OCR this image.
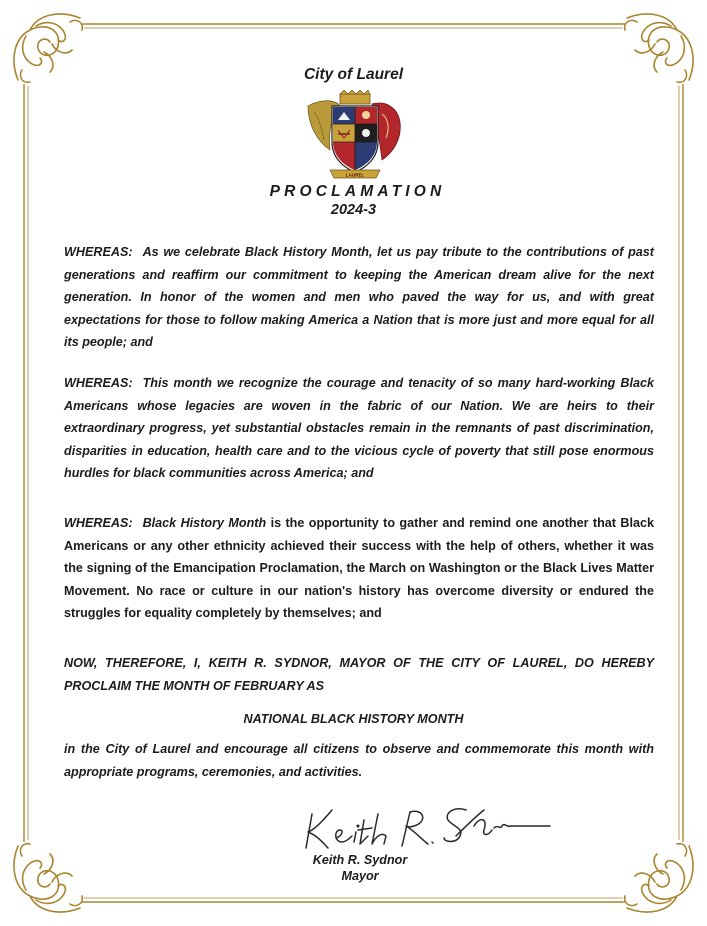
City of Laurel
LAUREL
PROCLAMATION
2024-3

WHEREAS: As we celebrate Black History Month, let us pay tribute to the contributions of past generations and reaffirm our commitment to keeping the American dream alive for the next generation. In honor of the women and men who paved the way for us, and with great expectations for those to follow making America a Nation that is more just and more equal for all its people; and

WHEREAS: This month we recognize the courage and tenacity of so many hard-working Black Americans whose legacies are woven in the fabric of our Nation. We are heirs to their extraordinary progress, yet substantial obstacles remain in the remnants of past discrimination, disparities in education, health care and to the vicious cycle of poverty that still pose enormous hurdles for black communities across America; and

WHEREAS: Black History Month is the opportunity to gather and remind one another that Black Americans or any other ethnicity achieved their success with the help of others, whether it was the signing of the Emancipation Proclamation, the March on Washington or the Black Lives Matter Movement. No race or culture in our nation's history has overcome diversity or endured the struggles for equality completely by themselves; and

NOW, THEREFORE, I, KEITH R. SYDNOR, MAYOR OF THE CITY OF LAUREL, DO HEREBY PROCLAIM THE MONTH OF FEBRUARY AS

NATIONAL BLACK HISTORY MONTH

in the City of Laurel and encourage all citizens to observe and commemorate this month with appropriate programs, ceremonies, and activities.

Keith R. Sydnor
Mayor
